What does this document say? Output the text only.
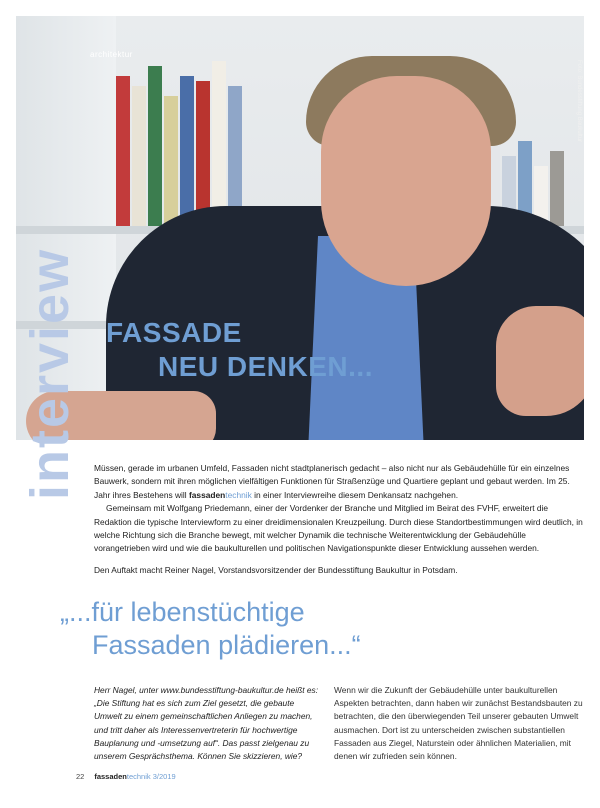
FASSADE
NEU DENKEN...
architektur
Foto: Bundesstiftung Baukultur
interview Müssen, gerade im urbanen Umfeld, Fassaden nicht stadtplanerisch gedacht – also nicht nur als Gebäudehülle für ein einzelnes Bauwerk, sondern mit ihren möglichen vielfältigen Funktionen für Straßenzüge und Quartiere geplant und gebaut werden. Im 25. Jahr ihres Bestehens will fassadentechnik in einer Interviewreihe diesem Denkansatz nachgehen.

Gemeinsam mit Wolfgang Priedemann, einer der Vordenker der Branche und Mitglied im Beirat des FVHF, erweitert die Redaktion die typische Interviewform zu einer dreidimensionalen Kreuzpeilung. Durch diese Standortbestimmungen wird deutlich, in welche Richtung sich die Branche bewegt, mit welcher Dynamik die technische Weiterentwicklung der Gebäudehülle vorangetrieben wird und wie die baukulturellen und politischen Navigationspunkte dieser Entwicklung aussehen werden.

Den Auftakt macht Reiner Nagel, Vorstandsvorsitzender der Bundesstiftung Baukultur in Potsdam.

„...für lebenstüchtige
Fassaden plädieren...“

Herr Nagel, unter www.bundesstiftung-baukultur.de heißt es: „Die Stiftung hat es sich zum Ziel gesetzt, die gebaute Umwelt zu einem gemeinschaftlichen Anliegen zu machen, und tritt daher als Interessenvertreterin für hochwertige Bauplanung und -umsetzung auf“. Das passt zielgenau zu unserem Gesprächsthema. Können Sie skizzieren, wie?

Wenn wir die Zukunft der Gebäudehülle unter baukulturellen Aspekten betrachten, dann haben wir zunächst Bestandsbauten zu betrachten, die den überwiegenden Teil unserer gebauten Umwelt ausmachen. Dort ist zu unterscheiden zwischen substantiellen Fassaden aus Ziegel, Naturstein oder ähnlichen Materialien, mit denen wir zufrieden sein können.

22 fassadentechnik 3/2019
